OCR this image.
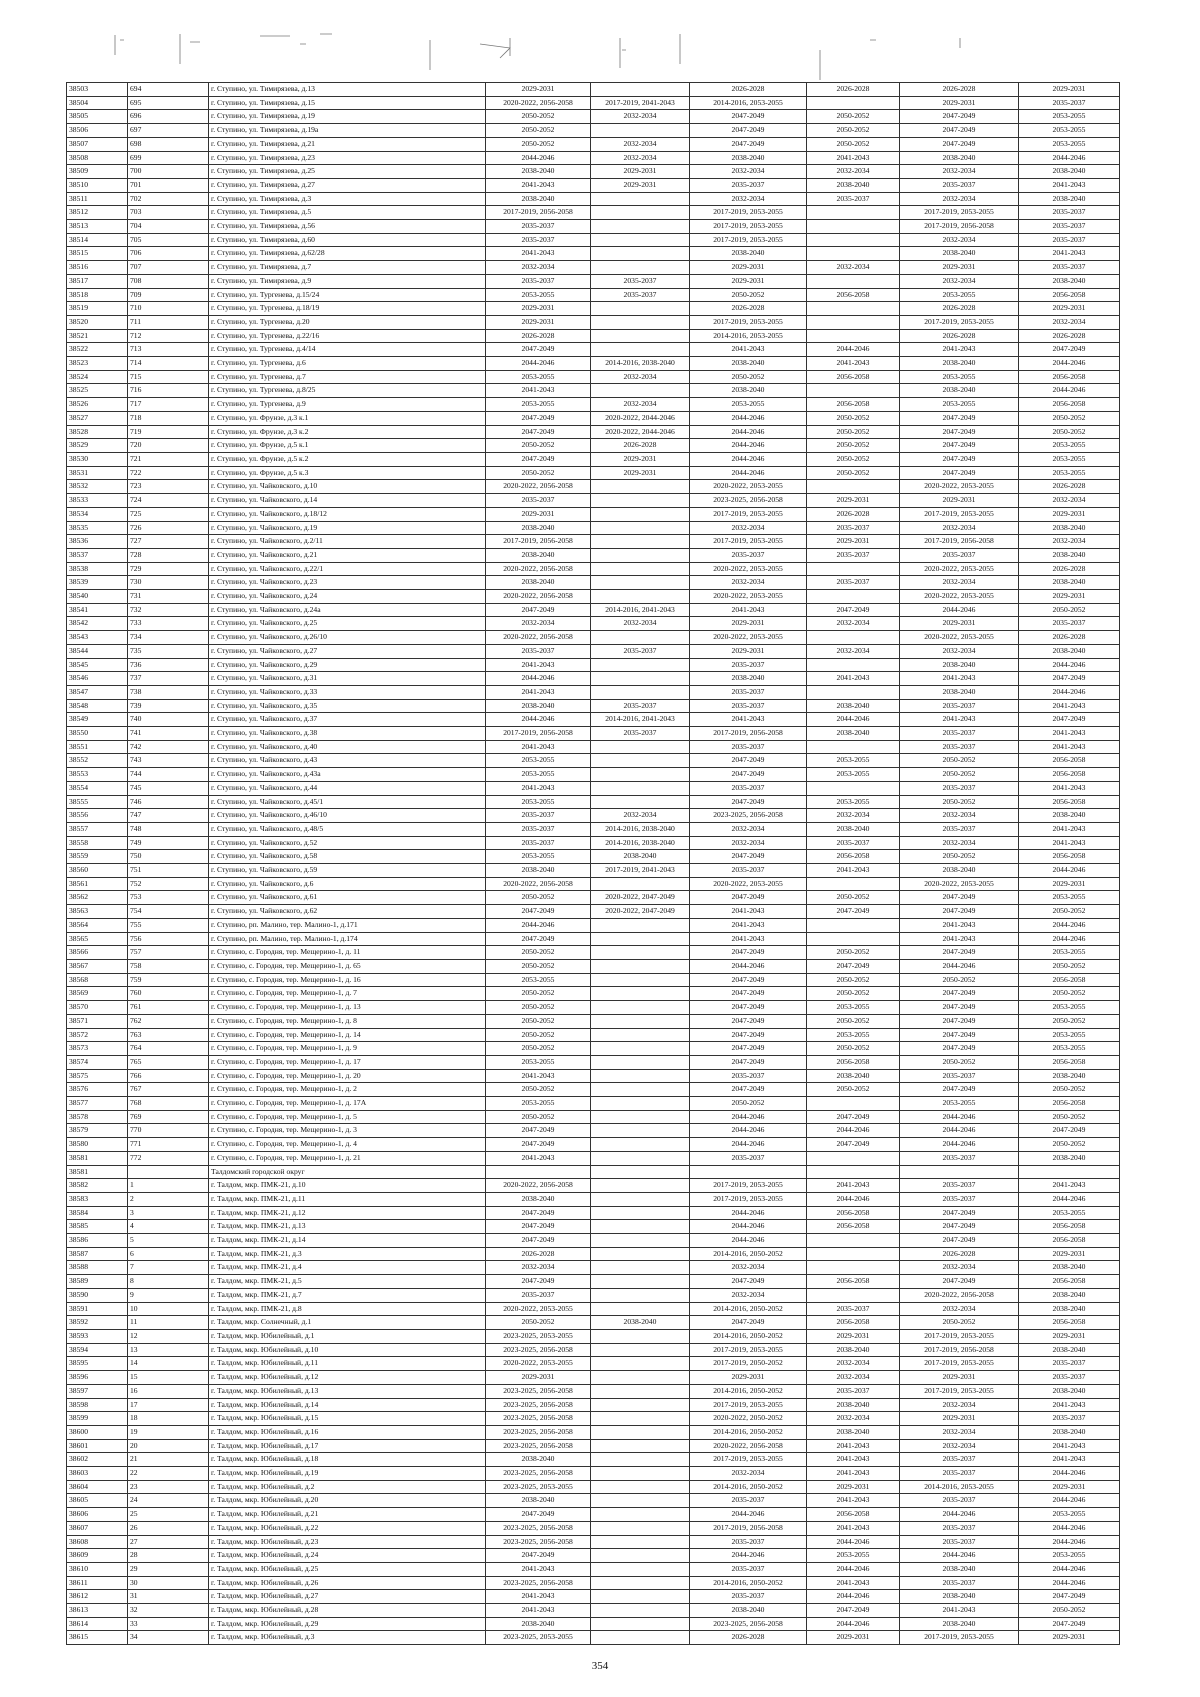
38503	694	г. Ступино, ул. Тимирязева, д.13	2029-2031		2026-2028	2026-2028	2026-2028	2029-2031
38504	695	г. Ступино, ул. Тимирязева, д.15	2020-2022, 2056-2058	2017-2019, 2041-2043	2014-2016, 2053-2055		2029-2031	2035-2037
38505	696	г. Ступино, ул. Тимирязева, д.19	2050-2052	2032-2034	2047-2049	2050-2052	2047-2049	2053-2055
38506	697	г. Ступино, ул. Тимирязева, д.19а	2050-2052		2047-2049	2050-2052	2047-2049	2053-2055
38507	698	г. Ступино, ул. Тимирязева, д.21	2050-2052	2032-2034	2047-2049	2050-2052	2047-2049	2053-2055
38508	699	г. Ступино, ул. Тимирязева, д.23	2044-2046	2032-2034	2038-2040	2041-2043	2038-2040	2044-2046
38509	700	г. Ступино, ул. Тимирязева, д.25	2038-2040	2029-2031	2032-2034	2032-2034	2032-2034	2038-2040
38510	701	г. Ступино, ул. Тимирязева, д.27	2041-2043	2029-2031	2035-2037	2038-2040	2035-2037	2041-2043
38511	702	г. Ступино, ул. Тимирязева, д.3	2038-2040		2032-2034	2035-2037	2032-2034	2038-2040
38512	703	г. Ступино, ул. Тимирязева, д.5	2017-2019, 2056-2058		2017-2019, 2053-2055		2017-2019, 2053-2055	2035-2037
38513	704	г. Ступино, ул. Тимирязева, д.56	2035-2037		2017-2019, 2053-2055		2017-2019, 2056-2058	2035-2037
38514	705	г. Ступино, ул. Тимирязева, д.60	2035-2037		2017-2019, 2053-2055		2032-2034	2035-2037
38515	706	г. Ступино, ул. Тимирязева, д.62/28	2041-2043		2038-2040		2038-2040	2041-2043
38516	707	г. Ступино, ул. Тимирязева, д.7	2032-2034		2029-2031	2032-2034	2029-2031	2035-2037
38517	708	г. Ступино, ул. Тимирязева, д.9	2035-2037	2035-2037	2029-2031		2032-2034	2038-2040
38518	709	г. Ступино, ул. Тургенева, д.15/24	2053-2055	2035-2037	2050-2052	2056-2058	2053-2055	2056-2058
38519	710	г. Ступино, ул. Тургенева, д.18/19	2029-2031		2026-2028		2026-2028	2029-2031
38520	711	г. Ступино, ул. Тургенева, д.20	2029-2031		2017-2019, 2053-2055		2017-2019, 2053-2055	2032-2034
38521	712	г. Ступино, ул. Тургенева, д.22/16	2026-2028		2014-2016, 2053-2055		2026-2028	2026-2028
38522	713	г. Ступино, ул. Тургенева, д.4/14	2047-2049		2041-2043	2044-2046	2041-2043	2047-2049
38523	714	г. Ступино, ул. Тургенева, д.6	2044-2046	2014-2016, 2038-2040	2038-2040	2041-2043	2038-2040	2044-2046
38524	715	г. Ступино, ул. Тургенева, д.7	2053-2055	2032-2034	2050-2052	2056-2058	2053-2055	2056-2058
38525	716	г. Ступино, ул. Тургенева, д.8/25	2041-2043		2038-2040		2038-2040	2044-2046
38526	717	г. Ступино, ул. Тургенева, д.9	2053-2055	2032-2034	2053-2055	2056-2058	2053-2055	2056-2058
38527	718	г. Ступино, ул. Фрунзе, д.3 к.1	2047-2049	2020-2022, 2044-2046	2044-2046	2050-2052	2047-2049	2050-2052
38528	719	г. Ступино, ул. Фрунзе, д.3 к.2	2047-2049	2020-2022, 2044-2046	2044-2046	2050-2052	2047-2049	2050-2052
38529	720	г. Ступино, ул. Фрунзе, д.5 к.1	2050-2052	2026-2028	2044-2046	2050-2052	2047-2049	2053-2055
38530	721	г. Ступино, ул. Фрунзе, д.5 к.2	2047-2049	2029-2031	2044-2046	2050-2052	2047-2049	2053-2055
38531	722	г. Ступино, ул. Фрунзе, д.5 к.3	2050-2052	2029-2031	2044-2046	2050-2052	2047-2049	2053-2055
38532	723	г. Ступино, ул. Чайковского, д.10	2020-2022, 2056-2058		2020-2022, 2053-2055		2020-2022, 2053-2055	2026-2028
38533	724	г. Ступино, ул. Чайковского, д.14	2035-2037		2023-2025, 2056-2058	2029-2031	2029-2031	2032-2034
38534	725	г. Ступино, ул. Чайковского, д.18/12	2029-2031		2017-2019, 2053-2055	2026-2028	2017-2019, 2053-2055	2029-2031
38535	726	г. Ступино, ул. Чайковского, д.19	2038-2040		2032-2034	2035-2037	2032-2034	2038-2040
38536	727	г. Ступино, ул. Чайковского, д.2/11	2017-2019, 2056-2058		2017-2019, 2053-2055	2029-2031	2017-2019, 2056-2058	2032-2034
38537	728	г. Ступино, ул. Чайковского, д.21	2038-2040		2035-2037	2035-2037	2035-2037	2038-2040
38538	729	г. Ступино, ул. Чайковского, д.22/1	2020-2022, 2056-2058		2020-2022, 2053-2055		2020-2022, 2053-2055	2026-2028
38539	730	г. Ступино, ул. Чайковского, д.23	2038-2040		2032-2034	2035-2037	2032-2034	2038-2040
38540	731	г. Ступино, ул. Чайковского, д.24	2020-2022, 2056-2058		2020-2022, 2053-2055		2020-2022, 2053-2055	2029-2031
38541	732	г. Ступино, ул. Чайковского, д.24а	2047-2049	2014-2016, 2041-2043	2041-2043	2047-2049	2044-2046	2050-2052
38542	733	г. Ступино, ул. Чайковского, д.25	2032-2034	2032-2034	2029-2031	2032-2034	2029-2031	2035-2037
38543	734	г. Ступино, ул. Чайковского, д.26/10	2020-2022, 2056-2058		2020-2022, 2053-2055		2020-2022, 2053-2055	2026-2028
38544	735	г. Ступино, ул. Чайковского, д.27	2035-2037	2035-2037	2029-2031	2032-2034	2032-2034	2038-2040
38545	736	г. Ступино, ул. Чайковского, д.29	2041-2043		2035-2037		2038-2040	2044-2046
38546	737	г. Ступино, ул. Чайковского, д.31	2044-2046		2038-2040	2041-2043	2041-2043	2047-2049
38547	738	г. Ступино, ул. Чайковского, д.33	2041-2043		2035-2037		2038-2040	2044-2046
38548	739	г. Ступино, ул. Чайковского, д.35	2038-2040	2035-2037	2035-2037	2038-2040	2035-2037	2041-2043
38549	740	г. Ступино, ул. Чайковского, д.37	2044-2046	2014-2016, 2041-2043	2041-2043	2044-2046	2041-2043	2047-2049
38550	741	г. Ступино, ул. Чайковского, д.38	2017-2019, 2056-2058	2035-2037	2017-2019, 2056-2058	2038-2040	2035-2037	2041-2043
38551	742	г. Ступино, ул. Чайковского, д.40	2041-2043		2035-2037		2035-2037	2041-2043
38552	743	г. Ступино, ул. Чайковского, д.43	2053-2055		2047-2049	2053-2055	2050-2052	2056-2058
38553	744	г. Ступино, ул. Чайковского, д.43а	2053-2055		2047-2049	2053-2055	2050-2052	2056-2058
38554	745	г. Ступино, ул. Чайковского, д.44	2041-2043		2035-2037		2035-2037	2041-2043
38555	746	г. Ступино, ул. Чайковского, д.45/1	2053-2055		2047-2049	2053-2055	2050-2052	2056-2058
38556	747	г. Ступино, ул. Чайковского, д.46/10	2035-2037	2032-2034	2023-2025, 2056-2058	2032-2034	2032-2034	2038-2040
38557	748	г. Ступино, ул. Чайковского, д.48/5	2035-2037	2014-2016, 2038-2040	2032-2034	2038-2040	2035-2037	2041-2043
38558	749	г. Ступино, ул. Чайковского, д.52	2035-2037	2014-2016, 2038-2040	2032-2034	2035-2037	2032-2034	2041-2043
38559	750	г. Ступино, ул. Чайковского, д.58	2053-2055	2038-2040	2047-2049	2056-2058	2050-2052	2056-2058
38560	751	г. Ступино, ул. Чайковского, д.59	2038-2040	2017-2019, 2041-2043	2035-2037	2041-2043	2038-2040	2044-2046
38561	752	г. Ступино, ул. Чайковского, д.6	2020-2022, 2056-2058		2020-2022, 2053-2055		2020-2022, 2053-2055	2029-2031
38562	753	г. Ступино, ул. Чайковского, д.61	2050-2052	2020-2022, 2047-2049	2047-2049	2050-2052	2047-2049	2053-2055
38563	754	г. Ступино, ул. Чайковского, д.62	2047-2049	2020-2022, 2047-2049	2041-2043	2047-2049	2047-2049	2050-2052
38564	755	г. Ступино, рп. Малино, тер. Малино-1, д.171	2044-2046		2041-2043		2041-2043	2044-2046
38565	756	г. Ступино, рп. Малино, тер. Малино-1, д.174	2047-2049		2041-2043		2041-2043	2044-2046
38566	757	г. Ступино, с. Городня, тер. Мещерино-1, д. 11	2050-2052		2047-2049	2050-2052	2047-2049	2053-2055
38567	758	г. Ступино, с. Городня, тер. Мещерино-1, д. 65	2050-2052		2044-2046	2047-2049	2044-2046	2050-2052
38568	759	г. Ступино, с. Городня, тер. Мещерино-1, д. 16	2053-2055		2047-2049	2050-2052	2050-2052	2056-2058
38569	760	г. Ступино, с. Городня, тер. Мещерино-1, д. 7	2050-2052		2047-2049	2050-2052	2047-2049	2050-2052
38570	761	г. Ступино, с. Городня, тер. Мещерино-1, д. 13	2050-2052		2047-2049	2053-2055	2047-2049	2053-2055
38571	762	г. Ступино, с. Городня, тер. Мещерино-1, д. 8	2050-2052		2047-2049	2050-2052	2047-2049	2050-2052
38572	763	г. Ступино, с. Городня, тер. Мещерино-1, д. 14	2050-2052		2047-2049	2053-2055	2047-2049	2053-2055
38573	764	г. Ступино, с. Городня, тер. Мещерино-1, д. 9	2050-2052		2047-2049	2050-2052	2047-2049	2053-2055
38574	765	г. Ступино, с. Городня, тер. Мещерино-1, д. 17	2053-2055		2047-2049	2056-2058	2050-2052	2056-2058
38575	766	г. Ступино, с. Городня, тер. Мещерино-1, д. 20	2041-2043		2035-2037	2038-2040	2035-2037	2038-2040
38576	767	г. Ступино, с. Городня, тер. Мещерино-1, д. 2	2050-2052		2047-2049	2050-2052	2047-2049	2050-2052
38577	768	г. Ступино, с. Городня, тер. Мещерино-1, д. 17А	2053-2055		2050-2052		2053-2055	2056-2058
38578	769	г. Ступино, с. Городня, тер. Мещерино-1, д. 5	2050-2052		2044-2046	2047-2049	2044-2046	2050-2052
38579	770	г. Ступино, с. Городня, тер. Мещерино-1, д. 3	2047-2049		2044-2046	2044-2046	2044-2046	2047-2049
38580	771	г. Ступино, с. Городня, тер. Мещерино-1, д. 4	2047-2049		2044-2046	2047-2049	2044-2046	2050-2052
38581	772	г. Ступино, с. Городня, тер. Мещерино-1, д. 21	2041-2043		2035-2037		2035-2037	2038-2040
38581		Талдомский городской округ						
38582	1	г. Талдом, мкр. ПМК-21, д.10	2020-2022, 2056-2058		2017-2019, 2053-2055	2041-2043	2035-2037	2041-2043
38583	2	г. Талдом, мкр. ПМК-21, д.11	2038-2040		2017-2019, 2053-2055	2044-2046	2035-2037	2044-2046
38584	3	г. Талдом, мкр. ПМК-21, д.12	2047-2049		2044-2046	2056-2058	2047-2049	2053-2055
38585	4	г. Талдом, мкр. ПМК-21, д.13	2047-2049		2044-2046	2056-2058	2047-2049	2056-2058
38586	5	г. Талдом, мкр. ПМК-21, д.14	2047-2049		2044-2046		2047-2049	2056-2058
38587	6	г. Талдом, мкр. ПМК-21, д.3	2026-2028		2014-2016, 2050-2052		2026-2028	2029-2031
38588	7	г. Талдом, мкр. ПМК-21, д.4	2032-2034		2032-2034		2032-2034	2038-2040
38589	8	г. Талдом, мкр. ПМК-21, д.5	2047-2049		2047-2049	2056-2058	2047-2049	2056-2058
38590	9	г. Талдом, мкр. ПМК-21, д.7	2035-2037		2032-2034		2020-2022, 2056-2058	2038-2040
38591	10	г. Талдом, мкр. ПМК-21, д.8	2020-2022, 2053-2055		2014-2016, 2050-2052	2035-2037	2032-2034	2038-2040
38592	11	г. Талдом, мкр. Солнечный, д.1	2050-2052	2038-2040	2047-2049	2056-2058	2050-2052	2056-2058
38593	12	г. Талдом, мкр. Юбилейный, д.1	2023-2025, 2053-2055		2014-2016, 2050-2052	2029-2031	2017-2019, 2053-2055	2029-2031
38594	13	г. Талдом, мкр. Юбилейный, д.10	2023-2025, 2056-2058		2017-2019, 2053-2055	2038-2040	2017-2019, 2056-2058	2038-2040
38595	14	г. Талдом, мкр. Юбилейный, д.11	2020-2022, 2053-2055		2017-2019, 2050-2052	2032-2034	2017-2019, 2053-2055	2035-2037
38596	15	г. Талдом, мкр. Юбилейный, д.12	2029-2031		2029-2031	2032-2034	2029-2031	2035-2037
38597	16	г. Талдом, мкр. Юбилейный, д.13	2023-2025, 2056-2058		2014-2016, 2050-2052	2035-2037	2017-2019, 2053-2055	2038-2040
38598	17	г. Талдом, мкр. Юбилейный, д.14	2023-2025, 2056-2058		2017-2019, 2053-2055	2038-2040	2032-2034	2041-2043
38599	18	г. Талдом, мкр. Юбилейный, д.15	2023-2025, 2056-2058		2020-2022, 2050-2052	2032-2034	2029-2031	2035-2037
38600	19	г. Талдом, мкр. Юбилейный, д.16	2023-2025, 2056-2058		2014-2016, 2050-2052	2038-2040	2032-2034	2038-2040
38601	20	г. Талдом, мкр. Юбилейный, д.17	2023-2025, 2056-2058		2020-2022, 2056-2058	2041-2043	2032-2034	2041-2043
38602	21	г. Талдом, мкр. Юбилейный, д.18	2038-2040		2017-2019, 2053-2055	2041-2043	2035-2037	2041-2043
38603	22	г. Талдом, мкр. Юбилейный, д.19	2023-2025, 2056-2058		2032-2034	2041-2043	2035-2037	2044-2046
38604	23	г. Талдом, мкр. Юбилейный, д.2	2023-2025, 2053-2055		2014-2016, 2050-2052	2029-2031	2014-2016, 2053-2055	2029-2031
38605	24	г. Талдом, мкр. Юбилейный, д.20	2038-2040		2035-2037	2041-2043	2035-2037	2044-2046
38606	25	г. Талдом, мкр. Юбилейный, д.21	2047-2049		2044-2046	2056-2058	2044-2046	2053-2055
38607	26	г. Талдом, мкр. Юбилейный, д.22	2023-2025, 2056-2058		2017-2019, 2056-2058	2041-2043	2035-2037	2044-2046
38608	27	г. Талдом, мкр. Юбилейный, д.23	2023-2025, 2056-2058		2035-2037	2044-2046	2035-2037	2044-2046
38609	28	г. Талдом, мкр. Юбилейный, д.24	2047-2049		2044-2046	2053-2055	2044-2046	2053-2055
38610	29	г. Талдом, мкр. Юбилейный, д.25	2041-2043		2035-2037	2044-2046	2038-2040	2044-2046
38611	30	г. Талдом, мкр. Юбилейный, д.26	2023-2025, 2056-2058		2014-2016, 2050-2052	2041-2043	2035-2037	2044-2046
38612	31	г. Талдом, мкр. Юбилейный, д.27	2041-2043		2035-2037	2044-2046	2038-2040	2047-2049
38613	32	г. Талдом, мкр. Юбилейный, д.28	2041-2043		2038-2040	2047-2049	2041-2043	2050-2052
38614	33	г. Талдом, мкр. Юбилейный, д.29	2038-2040		2023-2025, 2056-2058	2044-2046	2038-2040	2047-2049
38615	34	г. Талдом, мкр. Юбилейный, д.3	2023-2025, 2053-2055		2026-2028	2029-2031	2017-2019, 2053-2055	2029-2031
354
